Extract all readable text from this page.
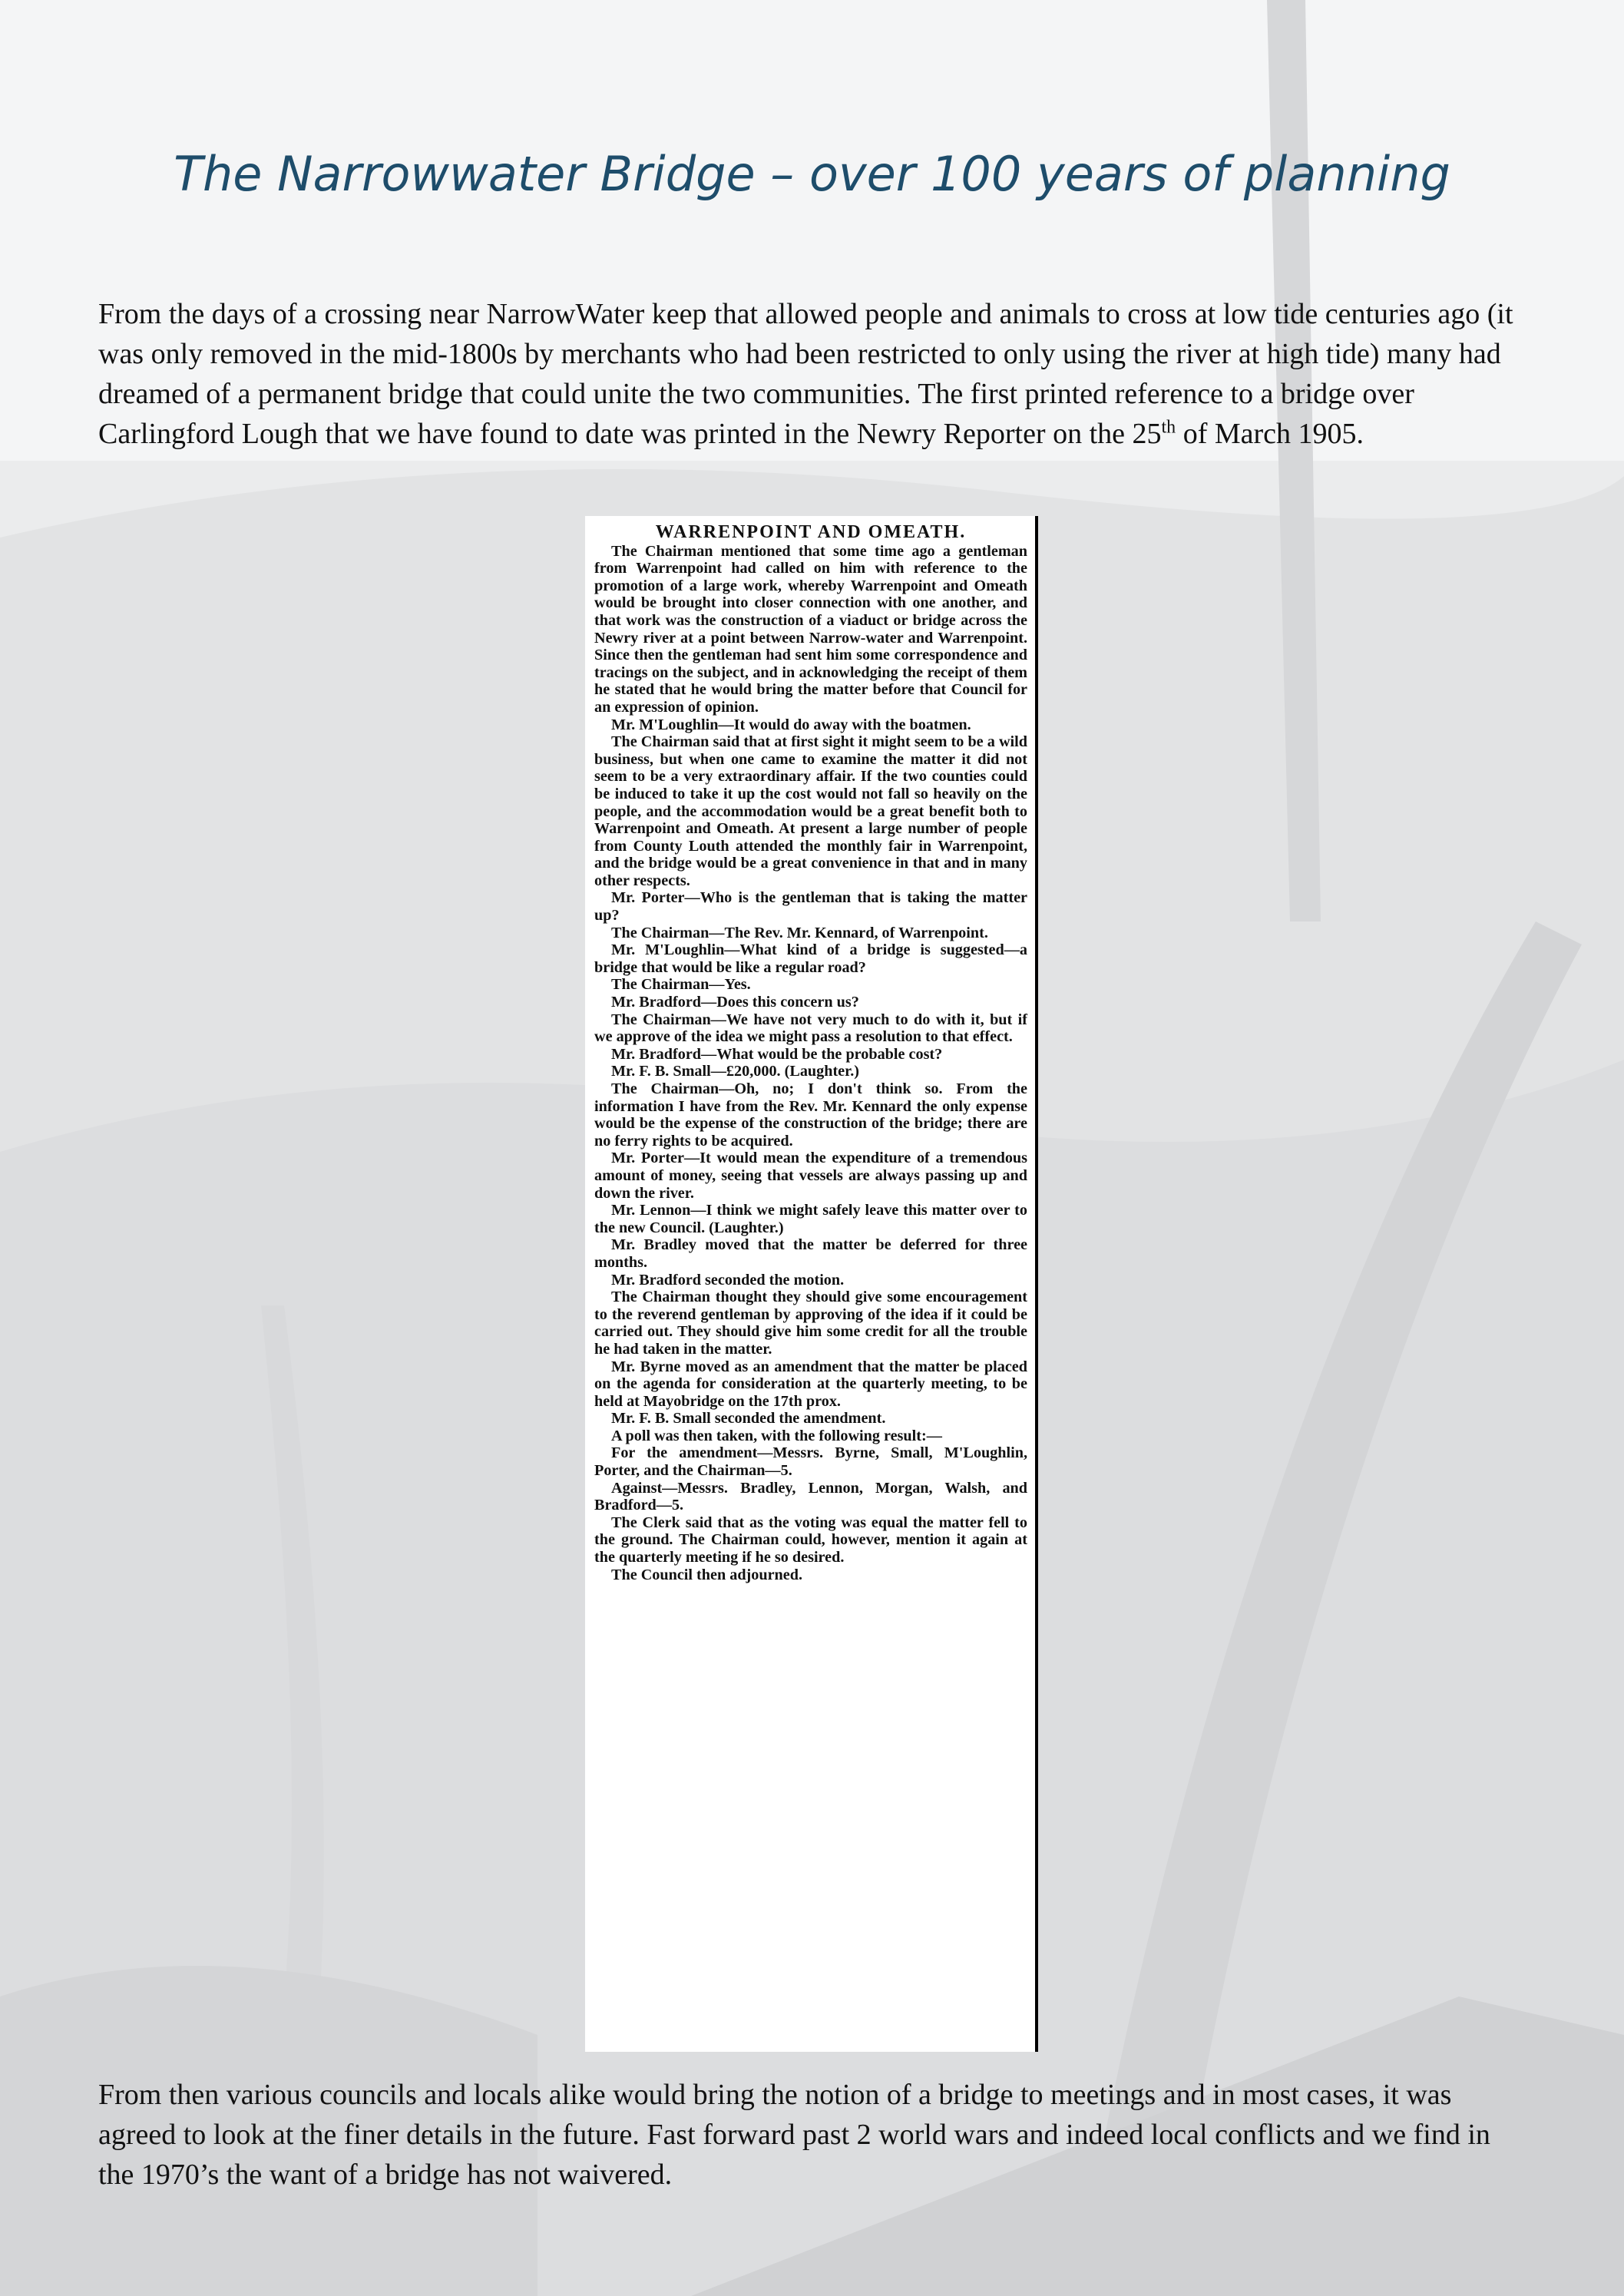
The Narrowwater Bridge – over 100 years of planning
From the days of a crossing near NarrowWater keep that allowed people and animals to cross at low tide centuries ago (it was only removed in the mid-1800s by merchants who had been restricted to only using the river at high tide) many had dreamed of a permanent bridge that could unite the two communities. The first printed reference to a bridge over Carlingford Lough that we have found to date was printed in the Newry Reporter on the 25th of March 1905.
WARRENPOINT AND OMEATH.

The Chairman mentioned that some time ago a gentleman from Warrenpoint had called on him with reference to the promotion of a large work, whereby Warrenpoint and Omeath would be brought into closer connection with one another, and that work was the construction of a viaduct or bridge across the Newry river at a point between Narrow-water and Warrenpoint. Since then the gentleman had sent him some correspondence and tracings on the subject, and in acknowledging the receipt of them he stated that he would bring the matter before that Council for an expression of opinion.

Mr. M'Loughlin—It would do away with the boatmen.

The Chairman said that at first sight it might seem to be a wild business, but when one came to examine the matter it did not seem to be a very extraordinary affair. If the two counties could be induced to take it up the cost would not fall so heavily on the people, and the accommodation would be a great benefit both to Warrenpoint and Omeath. At present a large number of people from County Louth attended the monthly fair in Warrenpoint, and the bridge would be a great convenience in that and in many other respects.

Mr. Porter—Who is the gentleman that is taking the matter up?

The Chairman—The Rev. Mr. Kennard, of Warrenpoint.

Mr. M'Loughlin—What kind of a bridge is suggested—a bridge that would be like a regular road?

The Chairman—Yes.

Mr. Bradford—Does this concern us?

The Chairman—We have not very much to do with it, but if we approve of the idea we might pass a resolution to that effect.

Mr. Bradford—What would be the probable cost?

Mr. F. B. Small—£20,000. (Laughter.)

The Chairman—Oh, no; I don't think so. From the information I have from the Rev. Mr. Kennard the only expense would be the expense of the construction of the bridge; there are no ferry rights to be acquired.

Mr. Porter—It would mean the expenditure of a tremendous amount of money, seeing that vessels are always passing up and down the river.

Mr. Lennon—I think we might safely leave this matter over to the new Council. (Laughter.)

Mr. Bradley moved that the matter be deferred for three months.

Mr. Bradford seconded the motion.

The Chairman thought they should give some encouragement to the reverend gentleman by approving of the idea if it could be carried out. They should give him some credit for all the trouble he had taken in the matter.

Mr. Byrne moved as an amendment that the matter be placed on the agenda for consideration at the quarterly meeting, to be held at Mayobridge on the 17th prox.

Mr. F. B. Small seconded the amendment.

A poll was then taken, with the following result:—

For the amendment—Messrs. Byrne, Small, M'Loughlin, Porter, and the Chairman—5.

Against—Messrs. Bradley, Lennon, Morgan, Walsh, and Bradford—5.

The Clerk said that as the voting was equal the matter fell to the ground. The Chairman could, however, mention it again at the quarterly meeting if he so desired.

The Council then adjourned.

From then various councils and locals alike would bring the notion of a bridge to meetings and in most cases, it was agreed to look at the finer details in the future. Fast forward past 2 world wars and indeed local conflicts and we find in the 1970’s the want of a bridge has not waivered.
